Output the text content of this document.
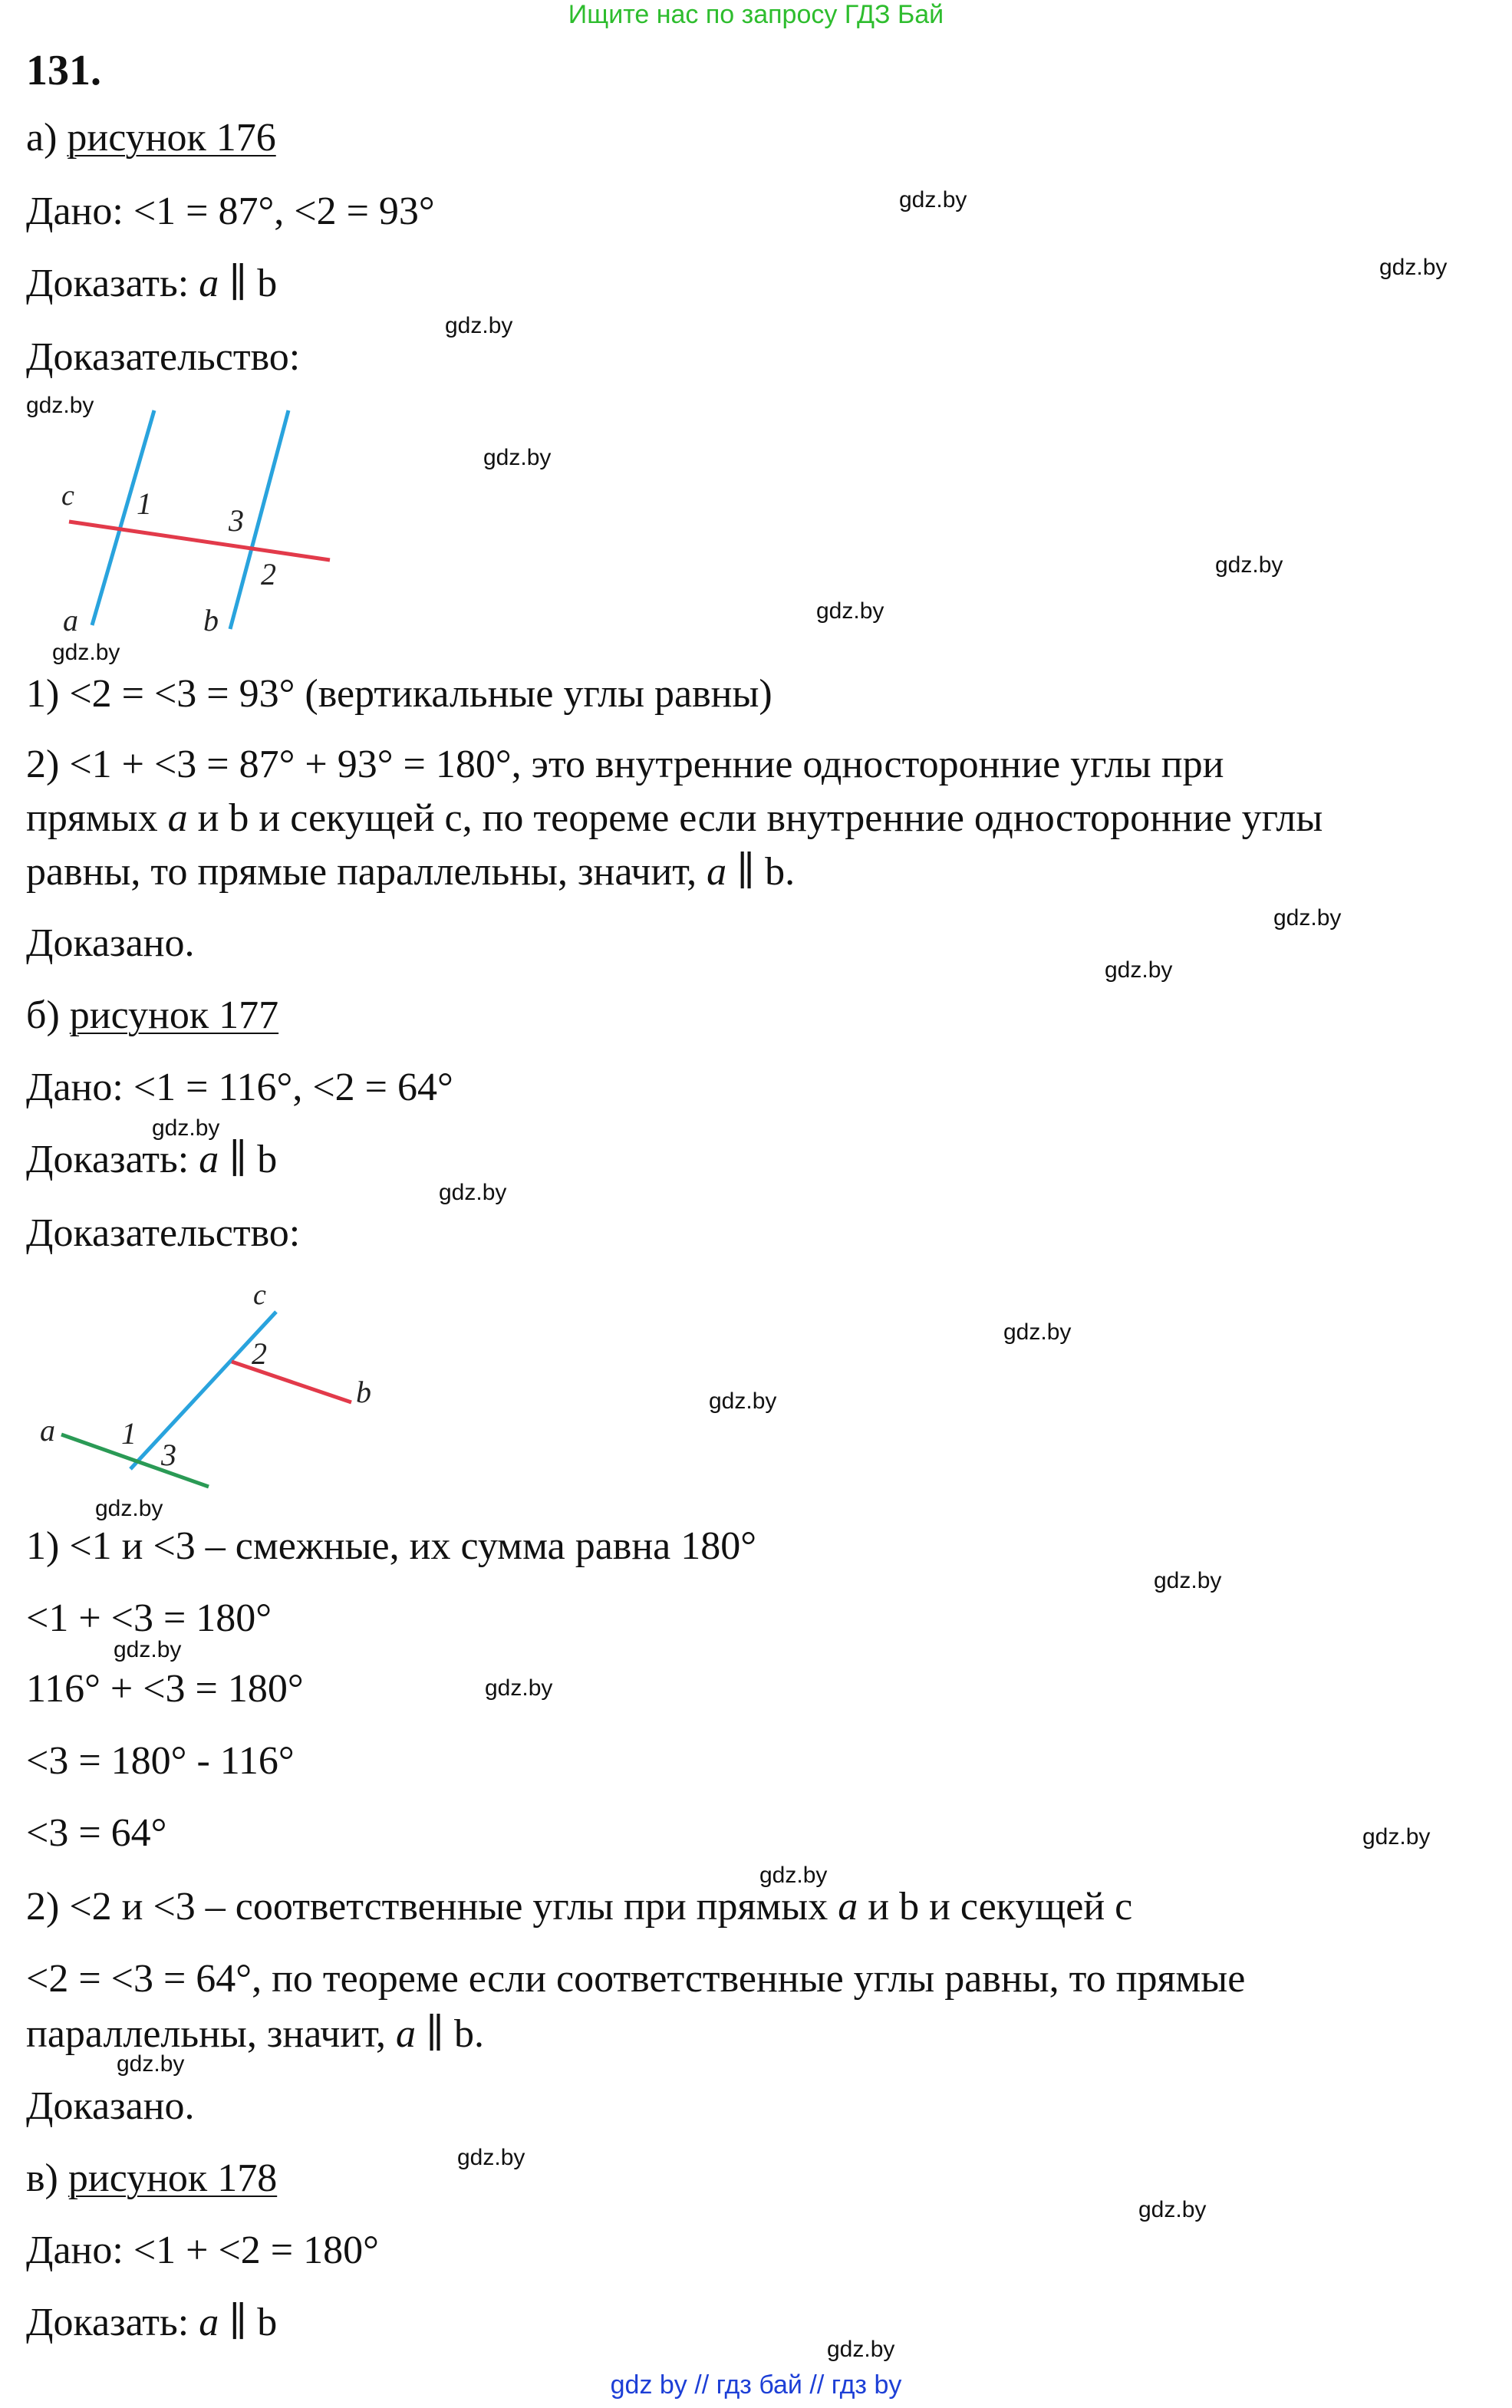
Ищите нас по запросу ГДЗ Бай
gdz by // гдз бай // гдз by
131.
а) рисунок 176
Дано: <1 = 87°, <2 = 93°
Доказать: a ∥ b
Доказательство:
c 1	3
2
a	b
1) <2 = <3 = 93° (вертикальные углы равны)
2) <1 + <3 = 87° + 93° = 180°, это внутренние односторонние углы при
прямых a и b и секущей c, по теореме если внутренние односторонние углы
равны, то прямые параллельны, значит, a ∥ b.
Доказано.
б) рисунок 177
Дано: <1 = 116°, <2 = 64°
Доказать: a ∥ b
Доказательство:
c
2
b
a 1
3
1) <1 и <3 – смежные, их сумма равна 180°
<1 + <3 = 180°
116° + <3 = 180°
<3 = 180° - 116°
<3 = 64°
2) <2 и <3 – соответственные углы при прямых a и b и секущей c
<2 = <3 = 64°, по теореме если соответственные углы равны, то прямые
параллельны, значит, a ∥ b.
Доказано.
в) рисунок 178
Дано: <1 + <2 = 180°
Доказать: a ∥ b
gdz.by
gdz.by
gdz.by
gdz.by
gdz.by
gdz.by
gdz.by
gdz.by
gdz.by
gdz.by
gdz.by
gdz.by
gdz.by
gdz.by
gdz.by
gdz.by
gdz.by
gdz.by
gdz.by
gdz.by
gdz.by
gdz.by
gdz.by
gdz.by
